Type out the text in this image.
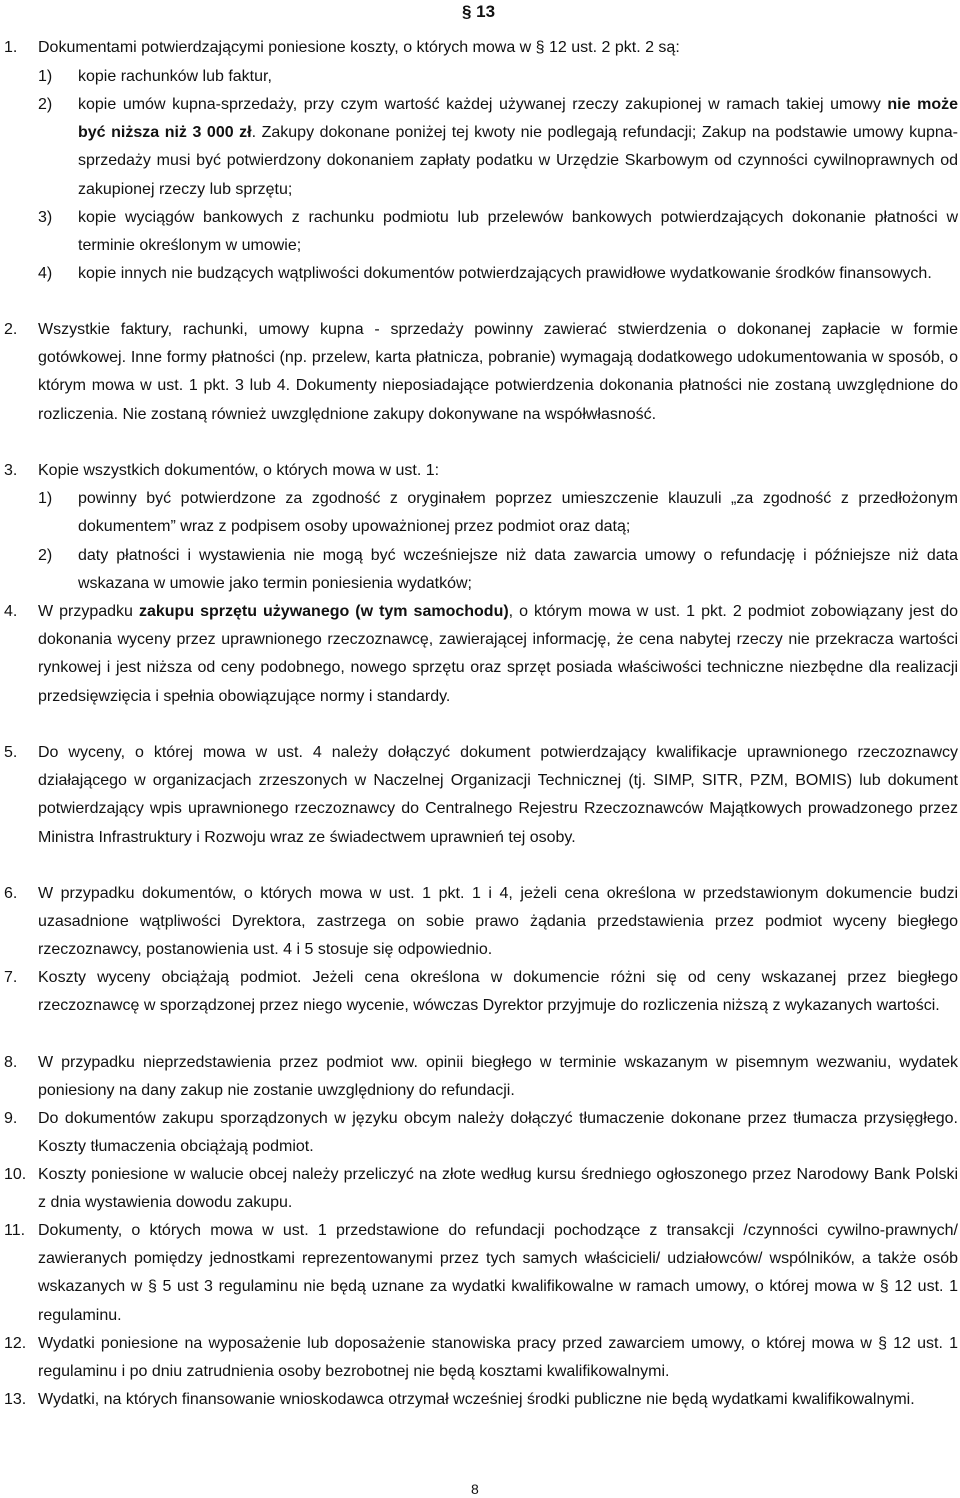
§ 13
1. Dokumentami potwierdzającymi poniesione koszty, o których mowa w § 12 ust. 2 pkt. 2 są:
1) kopie rachunków lub faktur,
2) kopie umów kupna-sprzedaży, przy czym wartość każdej używanej rzeczy zakupionej w ramach takiej umowy nie może być niższa niż 3 000 zł. Zakupy dokonane poniżej tej kwoty nie podlegają refundacji; Zakup na podstawie umowy kupna-sprzedaży musi być potwierdzony dokonaniem zapłaty podatku w Urzędzie Skarbowym od czynności cywilnoprawnych od zakupionej rzeczy lub sprzętu;
3) kopie wyciągów bankowych z rachunku podmiotu lub przelewów bankowych potwierdzających dokonanie płatności w terminie określonym w umowie;
4) kopie innych nie budzących wątpliwości dokumentów potwierdzających prawidłowe wydatkowanie środków finansowych.
2. Wszystkie faktury, rachunki, umowy kupna - sprzedaży powinny zawierać stwierdzenia o dokonanej zapłacie w formie gotówkowej. Inne formy płatności (np. przelew, karta płatnicza, pobranie) wymagają dodatkowego udokumentowania w sposób, o którym mowa w ust. 1 pkt. 3 lub 4. Dokumenty nieposiadające potwierdzenia dokonania płatności nie zostaną uwzględnione do rozliczenia. Nie zostaną również uwzględnione zakupy dokonywane na współwłasność.
3. Kopie wszystkich dokumentów, o których mowa w ust. 1:
1) powinny być potwierdzone za zgodność z oryginałem poprzez umieszczenie klauzuli „za zgodność z przedłożonym dokumentem” wraz z podpisem osoby upoważnionej przez podmiot oraz datą;
2) daty płatności i wystawienia nie mogą być wcześniejsze niż data zawarcia umowy o refundację i późniejsze niż data wskazana w umowie jako termin poniesienia wydatków;
4. W przypadku zakupu sprzętu używanego (w tym samochodu), o którym mowa w ust. 1 pkt. 2 podmiot zobowiązany jest do dokonania wyceny przez uprawnionego rzeczoznawcę, zawierającej informację, że cena nabytej rzeczy nie przekracza wartości rynkowej i jest niższa od ceny podobnego, nowego sprzętu oraz sprzęt posiada właściwości techniczne niezbędne dla realizacji przedsięwzięcia i spełnia obowiązujące normy i standardy.
5. Do wyceny, o której mowa w ust. 4 należy dołączyć dokument potwierdzający kwalifikacje uprawnionego rzeczoznawcy działającego w organizacjach zrzeszonych w Naczelnej Organizacji Technicznej (tj. SIMP, SITR, PZM, BOMIS) lub dokument potwierdzający wpis uprawnionego rzeczoznawcy do Centralnego Rejestru Rzeczoznawców Majątkowych prowadzonego przez Ministra Infrastruktury i Rozwoju wraz ze świadectwem uprawnień tej osoby.
6. W przypadku dokumentów, o których mowa w ust. 1 pkt. 1 i 4, jeżeli cena określona w przedstawionym dokumencie budzi uzasadnione wątpliwości Dyrektora, zastrzega on sobie prawo żądania przedstawienia przez podmiot wyceny biegłego rzeczoznawcy, postanowienia ust. 4 i 5 stosuje się odpowiednio.
7. Koszty wyceny obciążają podmiot. Jeżeli cena określona w dokumencie różni się od ceny wskazanej przez biegłego rzeczoznawcę w sporządzonej przez niego wycenie, wówczas Dyrektor przyjmuje do rozliczenia niższą z wykazanych wartości.
8. W przypadku nieprzedstawienia przez podmiot ww. opinii biegłego w terminie wskazanym w pisemnym wezwaniu, wydatek poniesiony na dany zakup nie zostanie uwzględniony do refundacji.
9. Do dokumentów zakupu sporządzonych w języku obcym należy dołączyć tłumaczenie dokonane przez tłumacza przysięgłego. Koszty tłumaczenia obciążają podmiot.
10. Koszty poniesione w walucie obcej należy przeliczyć na złote według kursu średniego ogłoszonego przez Narodowy Bank Polski z dnia wystawienia dowodu zakupu.
11. Dokumenty, o których mowa w ust. 1 przedstawione do refundacji pochodzące z transakcji /czynności cywilno-prawnych/ zawieranych pomiędzy jednostkami reprezentowanymi przez tych samych właścicieli/ udziałowców/ wspólników, a także osób wskazanych w § 5 ust 3 regulaminu nie będą uznane za wydatki kwalifikowalne w ramach umowy, o której mowa w § 12 ust. 1 regulaminu.
12. Wydatki poniesione na wyposażenie lub doposażenie stanowiska pracy przed zawarciem umowy, o której mowa w § 12 ust. 1 regulaminu i po dniu zatrudnienia osoby bezrobotnej nie będą kosztami kwalifikowalnymi.
13. Wydatki, na których finansowanie wnioskodawca otrzymał wcześniej środki publiczne nie będą wydatkami kwalifikowalnymi.
8
